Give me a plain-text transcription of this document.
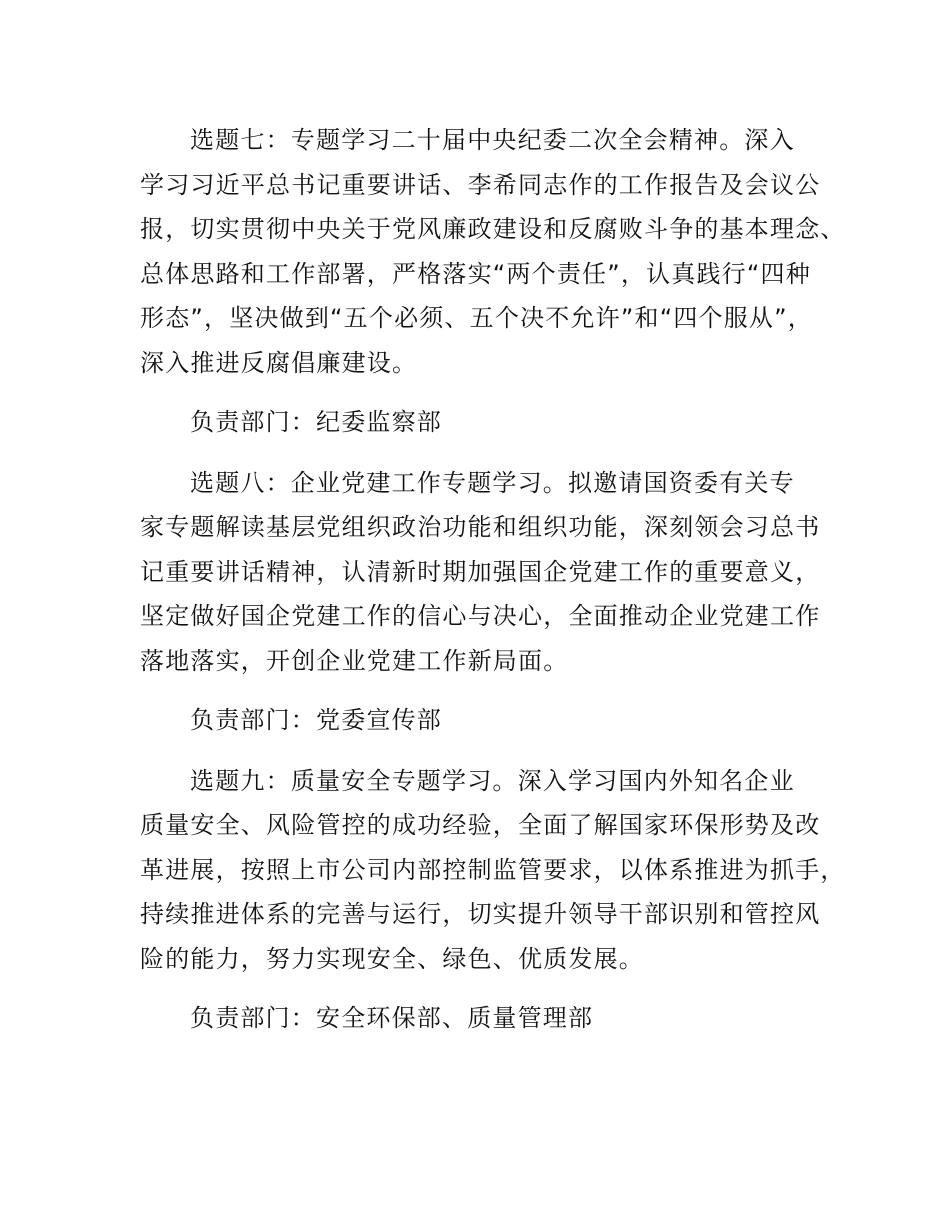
选题七：专题学习二十届中央纪委二次全会精神。深入
学习习近平总书记重要讲话、李希同志作的工作报告及会议公
报，切实贯彻中央关于党风廉政建设和反腐败斗争的基本理念、
总体思路和工作部署，严格落实“两个责任”，认真践行“四种
形态”，坚决做到“五个必须、五个决不允许”和“四个服从”，
深入推进反腐倡廉建设。

负责部门：纪委监察部

选题八：企业党建工作专题学习。拟邀请国资委有关专
家专题解读基层党组织政治功能和组织功能，深刻领会习总书
记重要讲话精神，认清新时期加强国企党建工作的重要意义，
坚定做好国企党建工作的信心与决心，全面推动企业党建工作
落地落实，开创企业党建工作新局面。

负责部门：党委宣传部

选题九：质量安全专题学习。深入学习国内外知名企业
质量安全、风险管控的成功经验，全面了解国家环保形势及改
革进展，按照上市公司内部控制监管要求，以体系推进为抓手，
持续推进体系的完善与运行，切实提升领导干部识别和管控风
险的能力，努力实现安全、绿色、优质发展。

负责部门：安全环保部、质量管理部
